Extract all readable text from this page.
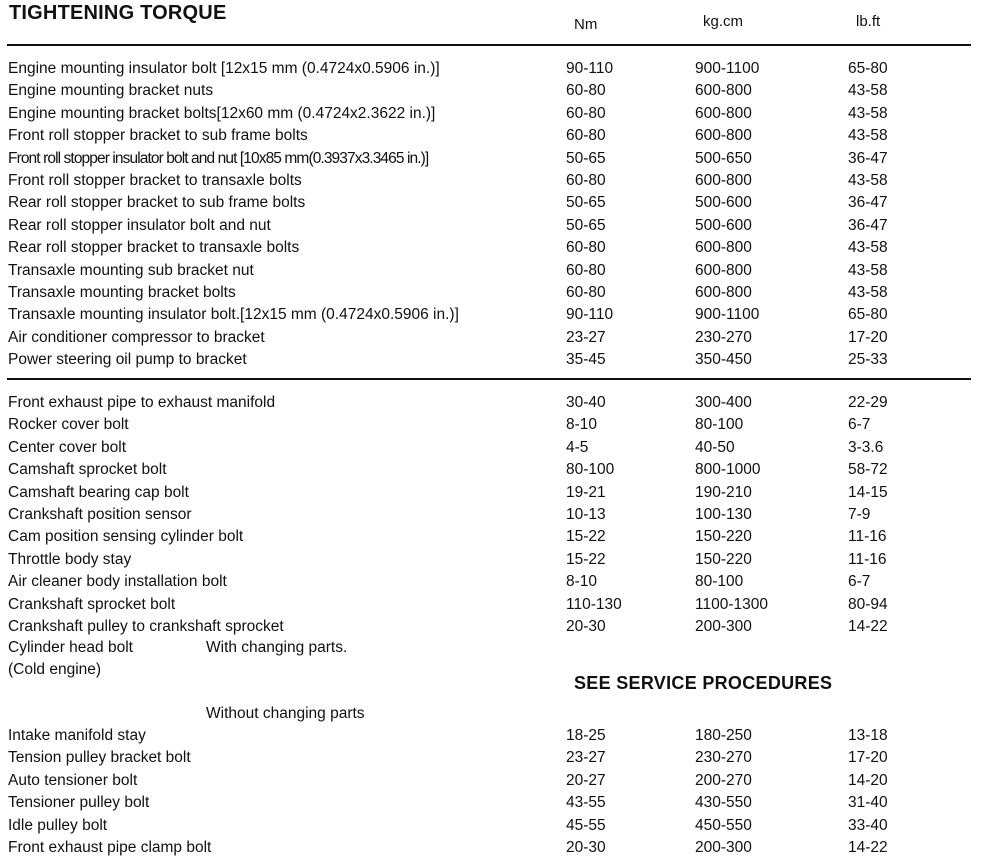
TIGHTENING TORQUE
Nm	kg.cm	lb.ft
Engine mounting insulator bolt [12x15 mm (0.4724x0.5906 in.)]	90-110	900-1100	65-80
Engine mounting bracket nuts	60-80	600-800	43-58
Engine mounting bracket bolts[12x60 mm (0.4724x2.3622 in.)]	60-80	600-800	43-58
Front roll stopper bracket to sub frame bolts	60-80	600-800	43-58
Front roll stopper insulator bolt and nut [10x85 mm(0.3937x3.3465 in.)]	50-65	500-650	36-47
Front roll stopper bracket to transaxle bolts	60-80	600-800	43-58
Rear roll stopper bracket to sub frame bolts	50-65	500-600	36-47
Rear roll stopper insulator bolt and nut	50-65	500-600	36-47
Rear roll stopper bracket to transaxle bolts	60-80	600-800	43-58
Transaxle mounting sub bracket nut	60-80	600-800	43-58
Transaxle mounting bracket bolts	60-80	600-800	43-58
Transaxle mounting insulator bolt.[12x15 mm (0.4724x0.5906 in.)]	90-110	900-1100	65-80
Air conditioner compressor to bracket	23-27	230-270	17-20
Power steering oil pump to bracket	35-45	350-450	25-33
Front exhaust pipe to exhaust manifold	30-40	300-400	22-29
Rocker cover bolt	8-10	80-100	6-7
Center cover bolt	4-5	40-50	3-3.6
Camshaft sprocket bolt	80-100	800-1000	58-72
Camshaft bearing cap bolt	19-21	190-210	14-15
Crankshaft position sensor	10-13	100-130	7-9
Cam position sensing cylinder bolt	15-22	150-220	11-16
Throttle body stay	15-22	150-220	11-16
Air cleaner body installation bolt	8-10	80-100	6-7
Crankshaft sprocket bolt	110-130	1100-1300	80-94
Crankshaft pulley to crankshaft sprocket	20-30	200-300	14-22
Cylinder head bolt	With changing parts.
(Cold engine)
SEE SERVICE PROCEDURES
Without changing parts
Intake manifold stay	18-25	180-250	13-18
Tension pulley bracket bolt	23-27	230-270	17-20
Auto tensioner bolt	20-27	200-270	14-20
Tensioner pulley bolt	43-55	430-550	31-40
Idle pulley bolt	45-55	450-550	33-40
Front exhaust pipe clamp bolt	20-30	200-300	14-22
